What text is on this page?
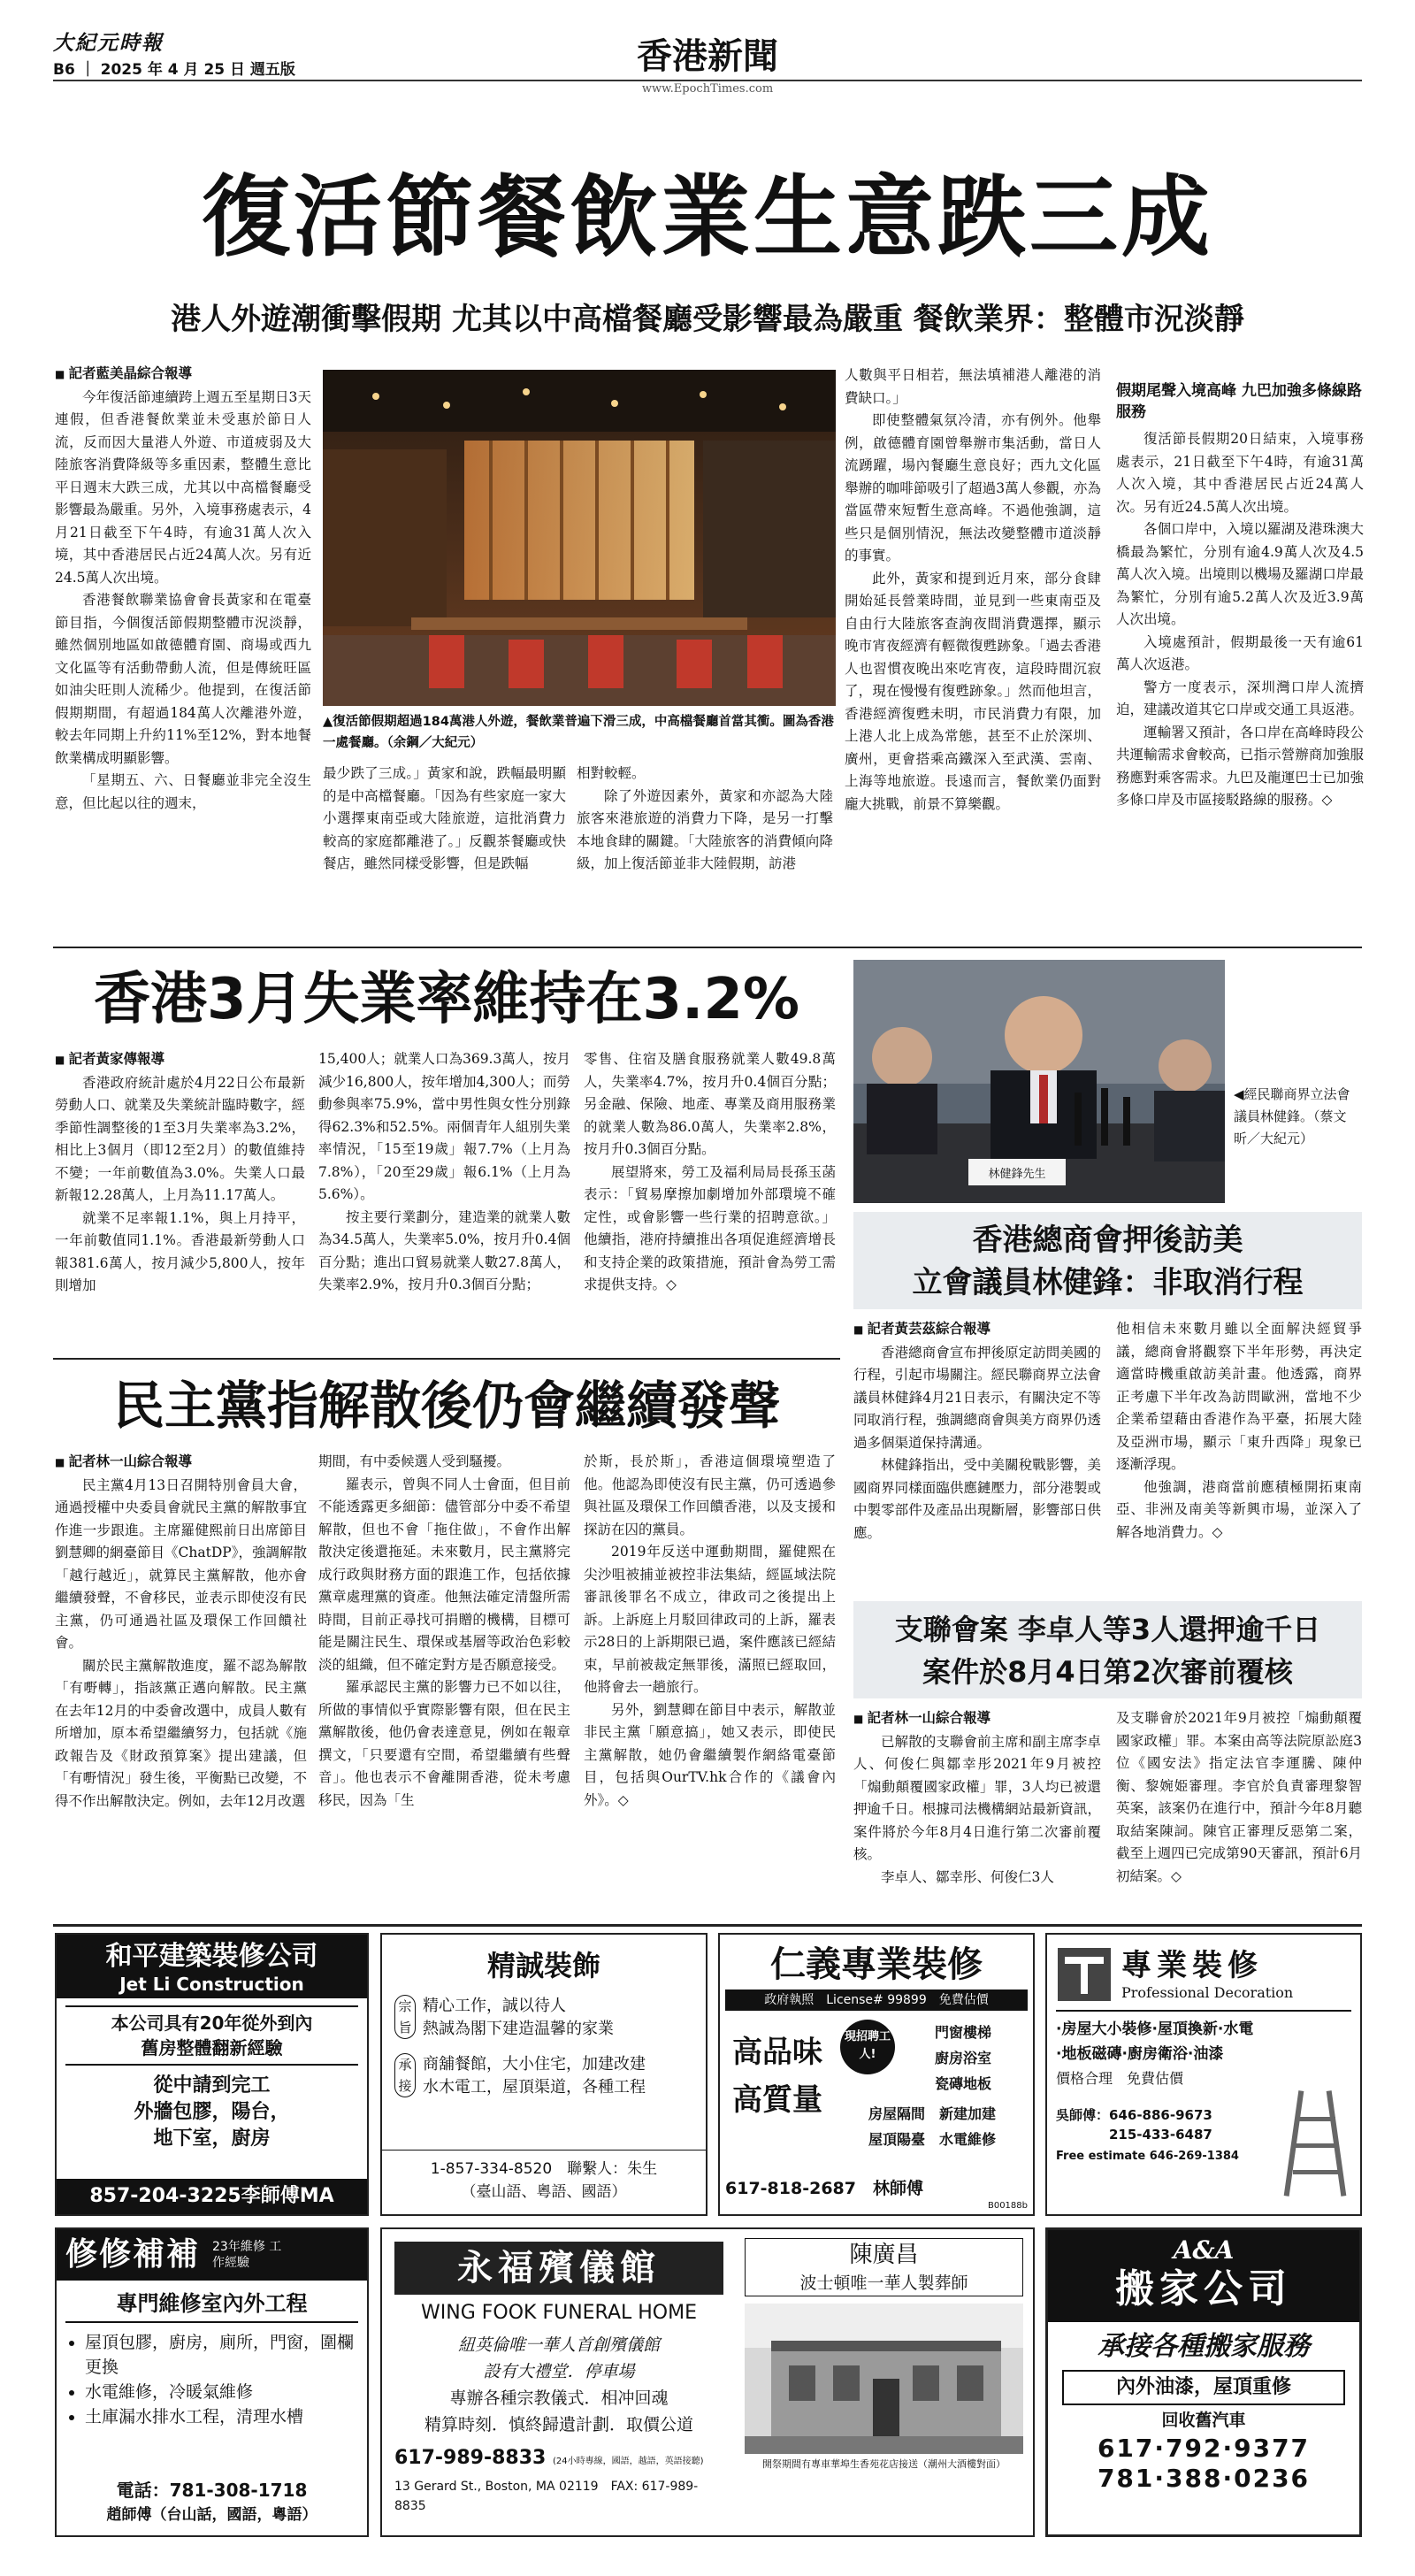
大紀元時報
B6 ｜ 2025 年 4 月 25 日 週五版	香港新聞
www.EpochTimes.com
復活節餐飲業生意跌三成
港人外遊潮衝擊假期 尤其以中高檔餐廳受影響最為嚴重 餐飲業界：整體市況淡靜

■ 記者藍美晶綜合報導

今年復活節連續跨上週五至星期日3天連假，但香港餐飲業並未受惠於節日人流，反而因大量港人外遊、市道疲弱及大陸旅客消費降級等多重因素，整體生意比平日週末大跌三成，尤其以中高檔餐廳受影響最為嚴重。另外，入境事務處表示，4月21日截至下午4時，有逾31萬人次入境，其中香港居民占近24萬人次。另有近24.5萬人次出境。

香港餐飲聯業協會會長黃家和在電臺節目指，今個復活節假期整體市況淡靜，雖然個別地區如啟德體育園、商場或西九文化區等有活動帶動人流，但是傳統旺區如油尖旺則人流稀少。他提到，在復活節假期期間，有超過184萬人次離港外遊，較去年同期上升約11%至12%，對本地餐飲業構成明顯影響。

「星期五、六、日餐廳並非完全沒生意，但比起以往的週末，

▲復活節假期超過184萬港人外遊，餐飲業普遍下滑三成，中高檔餐廳首當其衝。圖為香港一處餐廳。（余鋼／大紀元）

最少跌了三成。」黃家和說，跌幅最明顯的是中高檔餐廳。「因為有些家庭一家大小選擇東南亞或大陸旅遊，這批消費力較高的家庭都離港了。」反觀茶餐廳或快餐店，雖然同樣受影響，但是跌幅

相對較輕。

除了外遊因素外，黃家和亦認為大陸旅客來港旅遊的消費力下降，是另一打擊本地食肆的關鍵。「大陸旅客的消費傾向降級，加上復活節並非大陸假期，訪港

人數與平日相若，無法填補港人離港的消費缺口。」

即使整體氣氛冷清，亦有例外。他舉例，啟德體育園曾舉辦市集活動，當日人流踴躍，場內餐廳生意良好；西九文化區舉辦的咖啡節吸引了超過3萬人參觀，亦為當區帶來短暫生意高峰。不過他強調，這些只是個別情況，無法改變整體市道淡靜的事實。

此外，黃家和提到近月來，部分食肆開始延長營業時間，並見到一些東南亞及自由行大陸旅客查詢夜間消費選擇，顯示晚市宵夜經濟有輕微復甦跡象。「過去香港人也習慣夜晚出來吃宵夜，這段時間沉寂了，現在慢慢有復甦跡象。」然而他坦言，香港經濟復甦未明，市民消費力有限，加上港人北上成為常態，甚至不止於深圳、廣州，更會搭乘高鐵深入至武漢、雲南、上海等地旅遊。長遠而言，餐飲業仍面對龐大挑戰，前景不算樂觀。

假期尾聲入境高峰 九巴加強多條線路服務

復活節長假期20日結束，入境事務處表示，21日截至下午4時，有逾31萬人次入境，其中香港居民占近24萬人次。另有近24.5萬人次出境。

各個口岸中，入境以羅湖及港珠澳大橋最為繁忙，分別有逾4.9萬人次及4.5萬人次入境。出境則以機場及羅湖口岸最為繁忙，分別有逾5.2萬人次及近3.9萬人次出境。

入境處預計，假期最後一天有逾61萬人次返港。

警方一度表示，深圳灣口岸人流擠迫，建議改道其它口岸或交通工具返港。

運輸署又預計，各口岸在高峰時段公共運輸需求會較高，已指示營辦商加強服務應對乘客需求。九巴及龍運巴士已加強多條口岸及市區接駁路線的服務。◇

香港3月失業率維持在3.2%

■ 記者黃家傳報導

香港政府統計處於4月22日公布最新勞動人口、就業及失業統計臨時數字，經季節性調整後的1至3月失業率為3.2%，相比上3個月（即12至2月）的數值維持不變；一年前數值為3.0%。失業人口最新報12.28萬人，上月為11.17萬人。

就業不足率報1.1%，與上月持平，一年前數值同1.1%。香港最新勞動人口報381.6萬人，按月減少5,800人，按年則增加

15,400人；就業人口為369.3萬人，按月減少16,800人，按年增加4,300人；而勞動參與率75.9%，當中男性與女性分別錄得62.3%和52.5%。兩個青年人組別失業率情況，「15至19歲」報7.7%（上月為7.8%），「20至29歲」報6.1%（上月為5.6%）。

按主要行業劃分，建造業的就業人數為34.5萬人，失業率5.0%，按月升0.4個百分點；進出口貿易就業人數27.8萬人，失業率2.9%，按月升0.3個百分點；

零售、住宿及膳食服務就業人數49.8萬人，失業率4.7%，按月升0.4個百分點；另金融、保險、地產、專業及商用服務業的就業人數為86.0萬人，失業率2.8%，按月升0.3個百分點。

展望將來，勞工及福利局局長孫玉菡表示：「貿易摩擦加劇增加外部環境不確定性，或會影響一些行業的招聘意欲。」他續指，港府持續推出各項促進經濟增長和支持企業的政策措施，預計會為勞工需求提供支持。◇

林健鋒先生
◀經民聯商界立法會議員林健鋒。（蔡文昕／大紀元）
香港總商會押後訪美
立會議員林健鋒：非取消行程

■ 記者黃芸茲綜合報導

香港總商會宣布押後原定訪問美國的行程，引起市場關注。經民聯商界立法會議員林健鋒4月21日表示，有關決定不等同取消行程，強調總商會與美方商界仍透過多個渠道保持溝通。

林健鋒指出，受中美關稅戰影響，美國商界同樣面臨供應鏈壓力，部分港製或中製零部件及產品出現斷層，影響部日供應。

他相信未來數月雖以全面解決經貿爭議，總商會將觀察下半年形勢，再決定適當時機重啟訪美計畫。他透露，商界正考慮下半年改為訪問歐洲，當地不少企業希望藉由香港作為平臺，拓展大陸及亞洲市場，顯示「東升西降」現象已逐漸浮現。

他強調，港商當前應積極開拓東南亞、非洲及南美等新興市場，並深入了解各地消費力。◇

民主黨指解散後仍會繼續發聲

■ 記者林一山綜合報導

民主黨4月13日召開特別會員大會，通過授權中央委員會就民主黨的解散事宜作進一步跟進。主席羅健熙前日出席節目劉慧卿的網臺節目《ChatDP》，強調解散「越行越近」，就算民主黨解散，他亦會繼續發聲，不會移民，並表示即使沒有民主黨，仍可通過社區及環保工作回饋社會。

關於民主黨解散進度，羅不認為解散「有嘢轉」，指該黨正邁向解散。民主黨在去年12月的中委會改選中，成員人數有所增加，原本希望繼續努力，包括就《施政報告及《財政預算案》提出建議，但「有嘢情況」發生後，平衡點已改變，不得不作出解散決定。例如，去年12月改選

期間，有中委候選人受到騷擾。

羅表示，曾與不同人士會面，但目前不能透露更多細節：儘管部分中委不希望解散，但也不會「拖住做」，不會作出解散決定後還拖延。未來數月，民主黨將完成行政與財務方面的跟進工作，包括依據黨章處理黨的資產。他無法確定清盤所需時間，目前正尋找可捐贈的機構，目標可能是關注民生、環保或基層等政治色彩較淡的組織，但不確定對方是否願意接受。

羅承認民主黨的影響力已不如以往，所做的事情似乎實際影響有限，但在民主黨解散後，他仍會表達意見，例如在報章撰文，「只要還有空間，希望繼續有些聲音」。他也表示不會離開香港，從未考慮移民，因為「生

於斯，長於斯」，香港這個環境塑造了他。他認為即使沒有民主黨，仍可透過參與社區及環保工作回饋香港，以及支援和探訪在囚的黨員。

2019年反送中運動期間，羅健熙在尖沙咀被捕並被控非法集結，經區域法院審訊後罪名不成立，律政司之後提出上訴。上訴庭上月駁回律政司的上訴，羅表示28日的上訴期限已過，案件應該已經結束，早前被裁定無罪後，滿照已經取回，他將會去一趟旅行。

另外，劉慧卿在節目中表示，解散並非民主黨「願意搞」，她又表示，即使民主黨解散，她仍會繼續製作網絡電臺節目，包括與OurTV.hk合作的《議會內外》。◇

支聯會案 李卓人等3人還押逾千日
案件於8月4日第2次審前覆核

■ 記者林一山綜合報導

已解散的支聯會前主席和副主席李卓人、何俊仁與鄒幸彤2021年9月被控「煽動顛覆國家政權」罪，3人均已被還押逾千日。根據司法機構網站最新資訊，案件將於今年8月4日進行第二次審前覆核。

李卓人、鄒幸彤、何俊仁3人

及支聯會於2021年9月被控「煽動顛覆國家政權」罪。本案由高等法院原訟庭3位《國安法》指定法官李運騰、陳仲衡、黎婉姫審理。李官於負責審理黎智英案，該案仍在進行中，預計今年8月聽取結案陳詞。陳官正審理反惡第二案，截至上週四已完成第90天審訊，預計6月初結案。◇

和平建築裝修公司
Jet Li Construction
本公司具有20年從外到內
舊房整體翻新經驗
從中請到完工
外牆包膠，陽台，
地下室，廚房
857-204-3225李師傅MA
精誠裝飾
宗旨
精心工作，誠以待人
熱誠為閣下建造温馨的家業
承接
商舖餐館，大小住宅，加建改建
水木電工，屋頂渠道，各種工程
1-857-334-8520　聯繫人：朱生
（臺山語、粵語、國語）
仁義專業裝修
政府執照　License# 99899　免費估價
高品味
高質量
現招聘工人!
門窗樓梯
廚房浴室
瓷磚地板
房屋隔間　新建加建
屋頂陽臺　水電維修
617-818-2687　林師傅
B00188b
專業裝修
Professional Decoration
·房屋大小裝修·屋頂換新·水電
·地板磁磚·廚房衛浴·油漆
價格合理　免費估價
吳師傅：646-886-9673
215-433-6487
Free estimate 646-269-1384
修修補補 23年維修 工作經驗
專門維修室內外工程
• 屋頂包膠，廚房，廁所，門窗，圍欄更換
• 水電維修，冷暖氣維修
• 土庫漏水排水工程，清理水槽
電話：781-308-1718
趙師傅（台山話，國語，粵語）
永福殯儀館
WING FOOK FUNERAL HOME
紐英倫唯一華人首創殯儀館
設有大禮堂．停車場
專辦各種宗教儀式．相冲回魂
精算時刻．慎終歸遺計劃．取價公道
617-989-8833 (24小時專線，國語，越語，英語接聽)
13 Gerard St., Boston, MA 02119　FAX: 617-989-8835
陳廣昌
波士頓唯一華人製葬師
開祭期間有專車華埠生香苑花店接送（潮州大酒樓對面）
A&A
搬家公司
承接各種搬家服務
內外油漆，屋頂重修
回收舊汽車
617·792·9377
781·388·0236
